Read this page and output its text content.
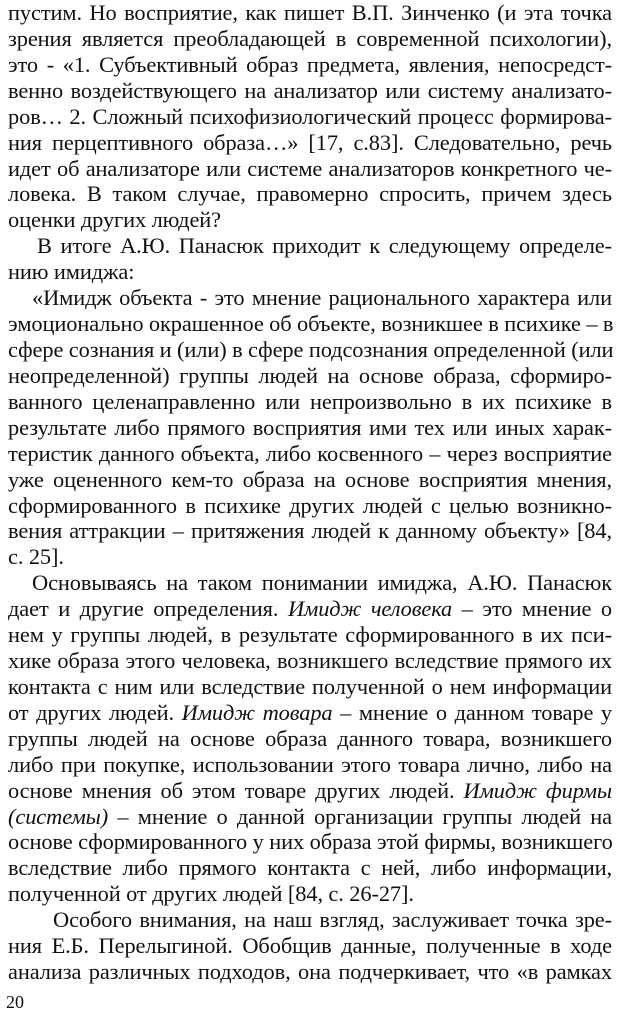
пустим. Но восприятие, как пишет В.П. Зинченко (и эта точка
зрения является преобладающей в современной психологии),
это - «1. Субъективный образ предмета, явления, непосредст-
венно воздействующего на анализатор или систему анализато-
ров… 2. Сложный психофизиологический процесс формирова-
ния перцептивного образа…» [17, с.83]. Следовательно, речь
идет об анализаторе или системе анализаторов конкретного че-
ловека. В таком случае, правомерно спросить, причем здесь
оценки других людей?
В итоге А.Ю. Панасюк приходит к следующему определе-
нию имиджа:
«Имидж объекта - это мнение рационального характера или
эмоционально окрашенное об объекте, возникшее в психике – в
сфере сознания и (или) в сфере подсознания определенной (или
неопределенной) группы людей на основе образа, сформиро-
ванного целенаправленно или непроизвольно в их психике в
результате либо прямого восприятия ими тех или иных харак-
теристик данного объекта, либо косвенного – через восприятие
уже оцененного кем-то образа на основе восприятия мнения,
сформированного в психике других людей с целью возникно-
вения аттракции – притяжения людей к данному объекту» [84,
с. 25].
Основываясь на таком понимании имиджа, А.Ю. Панасюк
дает и другие определения. Имидж человека – это мнение о
нем у группы людей, в результате сформированного в их пси-
хике образа этого человека, возникшего вследствие прямого их
контакта с ним или вследствие полученной о нем информации
от других людей. Имидж товара – мнение о данном товаре у
группы людей на основе образа данного товара, возникшего
либо при покупке, использовании этого товара лично, либо на
основе мнения об этом товаре других людей. Имидж фирмы
(системы) – мнение о данной организации группы людей на
20
основе сформированного у них образа этой фирмы, возникшего
вследствие либо прямого контакта с ней, либо информации,
полученной от других людей [84, с. 26-27].
Особого внимания, на наш взгляд, заслуживает точка зре-
ния Е.Б. Перелыгиной. Обобщив данные, полученные в ходе
анализа различных подходов, она подчеркивает, что «в рамках
